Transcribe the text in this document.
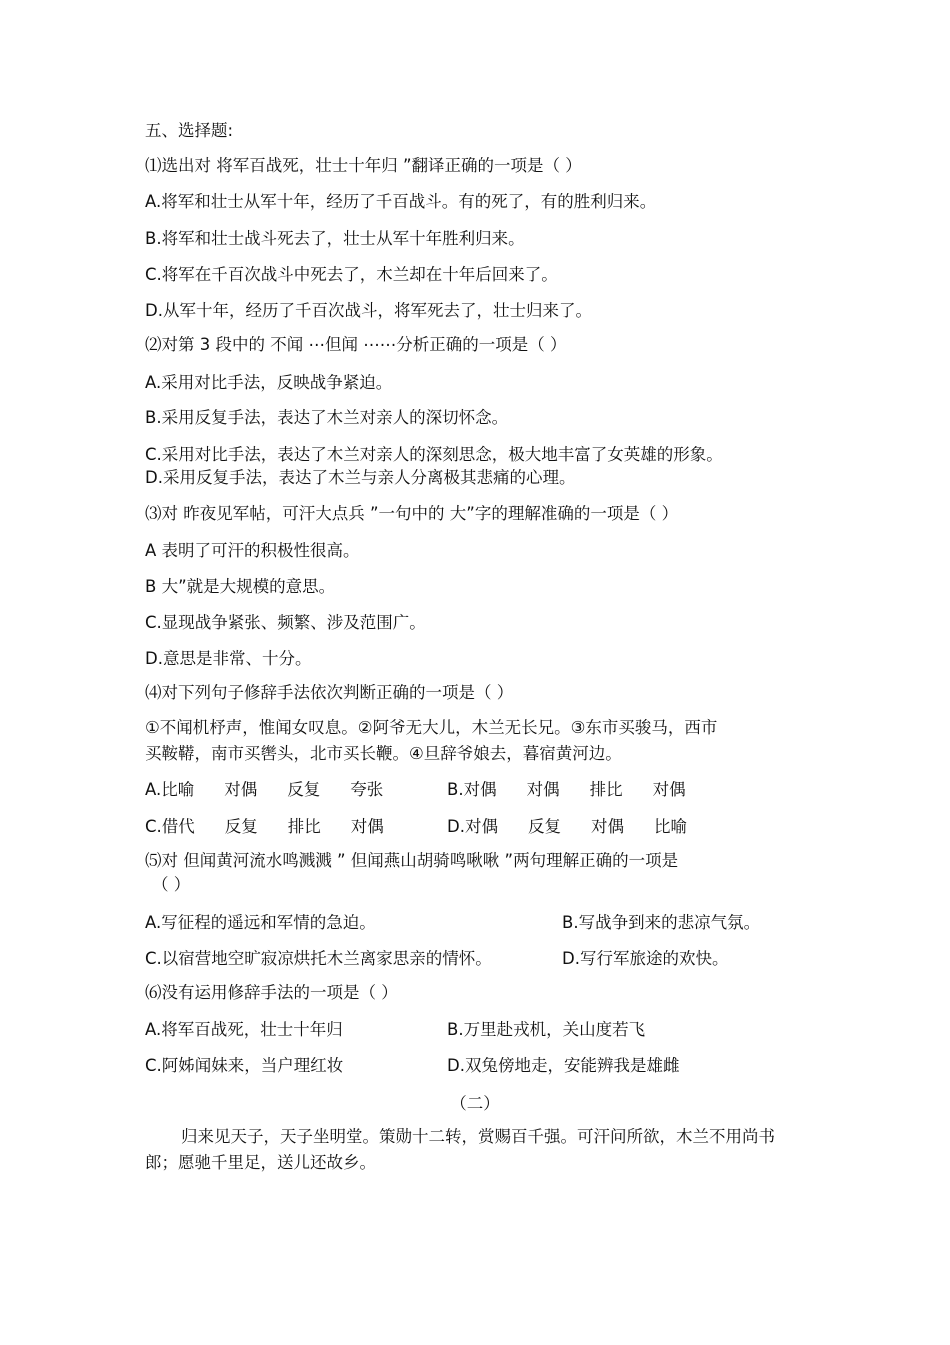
五、选择题:
⑴选出对 将军百战死，壮士十年归 ”翻译正确的一项是（ ）
A.将军和壮士从军十年，经历了千百战斗。有的死了，有的胜利归来。
B.将军和壮士战斗死去了，壮士从军十年胜利归来。
C.将军在千百次战斗中死去了，木兰却在十年后回来了。
D.从军十年，经历了千百次战斗，将军死去了，壮士归来了。
⑵对第 3 段中的 不闻 ⋯但闻 ⋯⋯分析正确的一项是（ ）
A.采用对比手法，反映战争紧迫。
B.采用反复手法，表达了木兰对亲人的深切怀念。
C.采用对比手法，表达了木兰对亲人的深刻思念，极大地丰富了女英雄的形象。
D.采用反复手法，表达了木兰与亲人分离极其悲痛的心理。
⑶对 昨夜见军帖，可汗大点兵 ”一句中的 大”字的理解准确的一项是（ ）
A 表明了可汗的积极性很高。
B 大”就是大规模的意思。
C.显现战争紧张、频繁、涉及范围广。
D.意思是非常、十分。
⑷对下列句子修辞手法依次判断正确的一项是（ ）
①不闻机杼声，惟闻女叹息。②阿爷无大儿，木兰无长兄。③东市买骏马，西市
买鞍鞯，南市买辔头，北市买长鞭。④旦辞爷娘去，暮宿黄河边。
A.比喻 对偶 反复 夸张	B.对偶 对偶 排比 对偶
C.借代 反复 排比 对偶	D.对偶 反复 对偶 比喻
⑸对 但闻黄河流水鸣溅溅 ” 但闻燕山胡骑鸣啾啾 ”两句理解正确的一项是
（ ）
A.写征程的遥远和军情的急迫。	B.写战争到来的悲凉气氛。
C.以宿营地空旷寂凉烘托木兰离家思亲的情怀。	D.写行军旅途的欢快。
⑹没有运用修辞手法的一项是（ ）
A.将军百战死，壮士十年归	B.万里赴戎机，关山度若飞
C.阿姊闻妹来，当户理红妆	D.双兔傍地走，安能辨我是雄雌
（二）
归来见天子，天子坐明堂。策勋十二转，赏赐百千强。可汗问所欲，木兰不用尚书郎；愿驰千里足，送儿还故乡。
